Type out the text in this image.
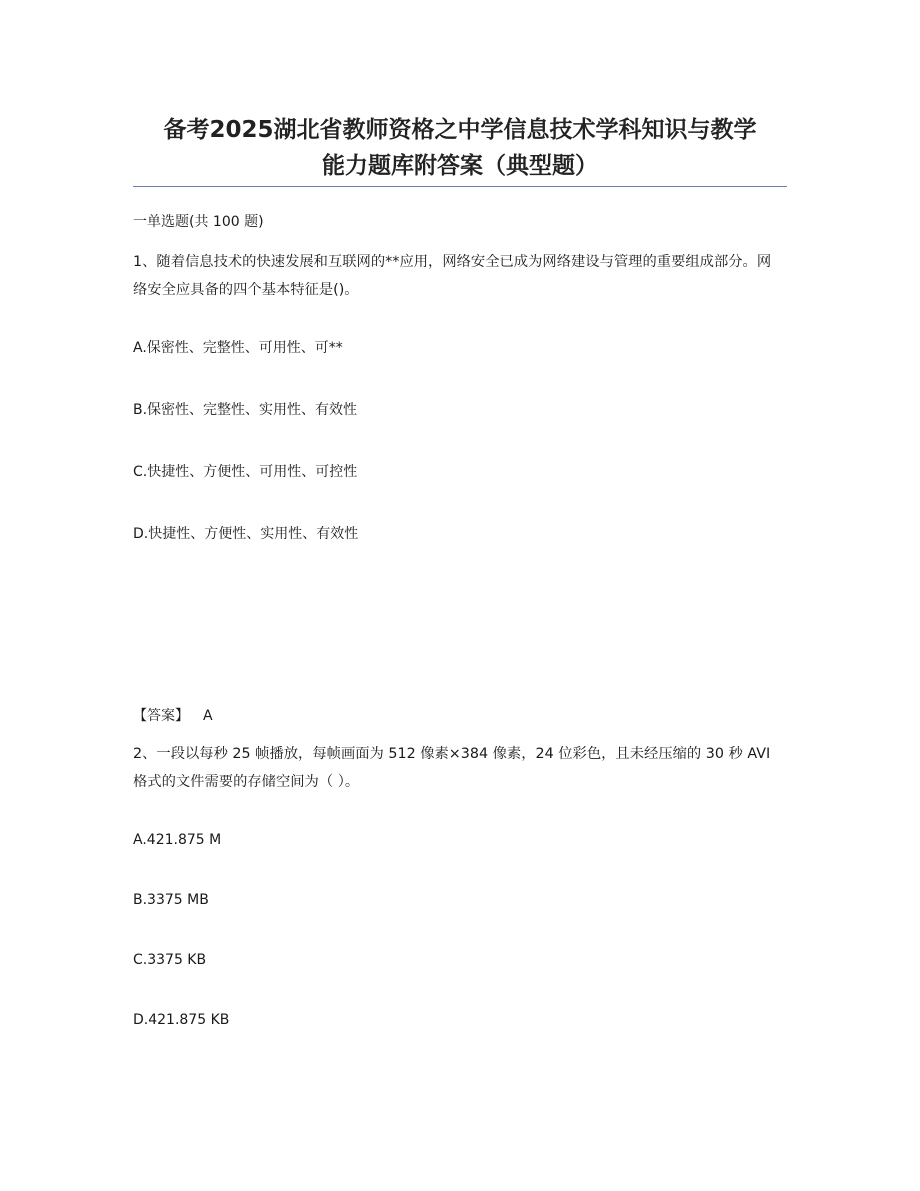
备考2025湖北省教师资格之中学信息技术学科知识与教学
能力题库附答案（典型题）
一单选题(共 100 题)
1、随着信息技术的快速发展和互联网的**应用，网络安全已成为网络建设与管理的重要组成部分。网络安全应具备的四个基本特征是()。
A.保密性、完整性、可用性、可**
B.保密性、完整性、实用性、有效性
C.快捷性、方便性、可用性、可控性
D.快捷性、方便性、实用性、有效性
【答案】 A
2、一段以每秒 25 帧播放，每帧画面为 512 像素×384 像素，24 位彩色，且未经压缩的 30 秒 AVI 格式的文件需要的存储空间为（ ）。
A.421.875 M
B.3375 MB
C.3375 KB
D.421.875 KB
